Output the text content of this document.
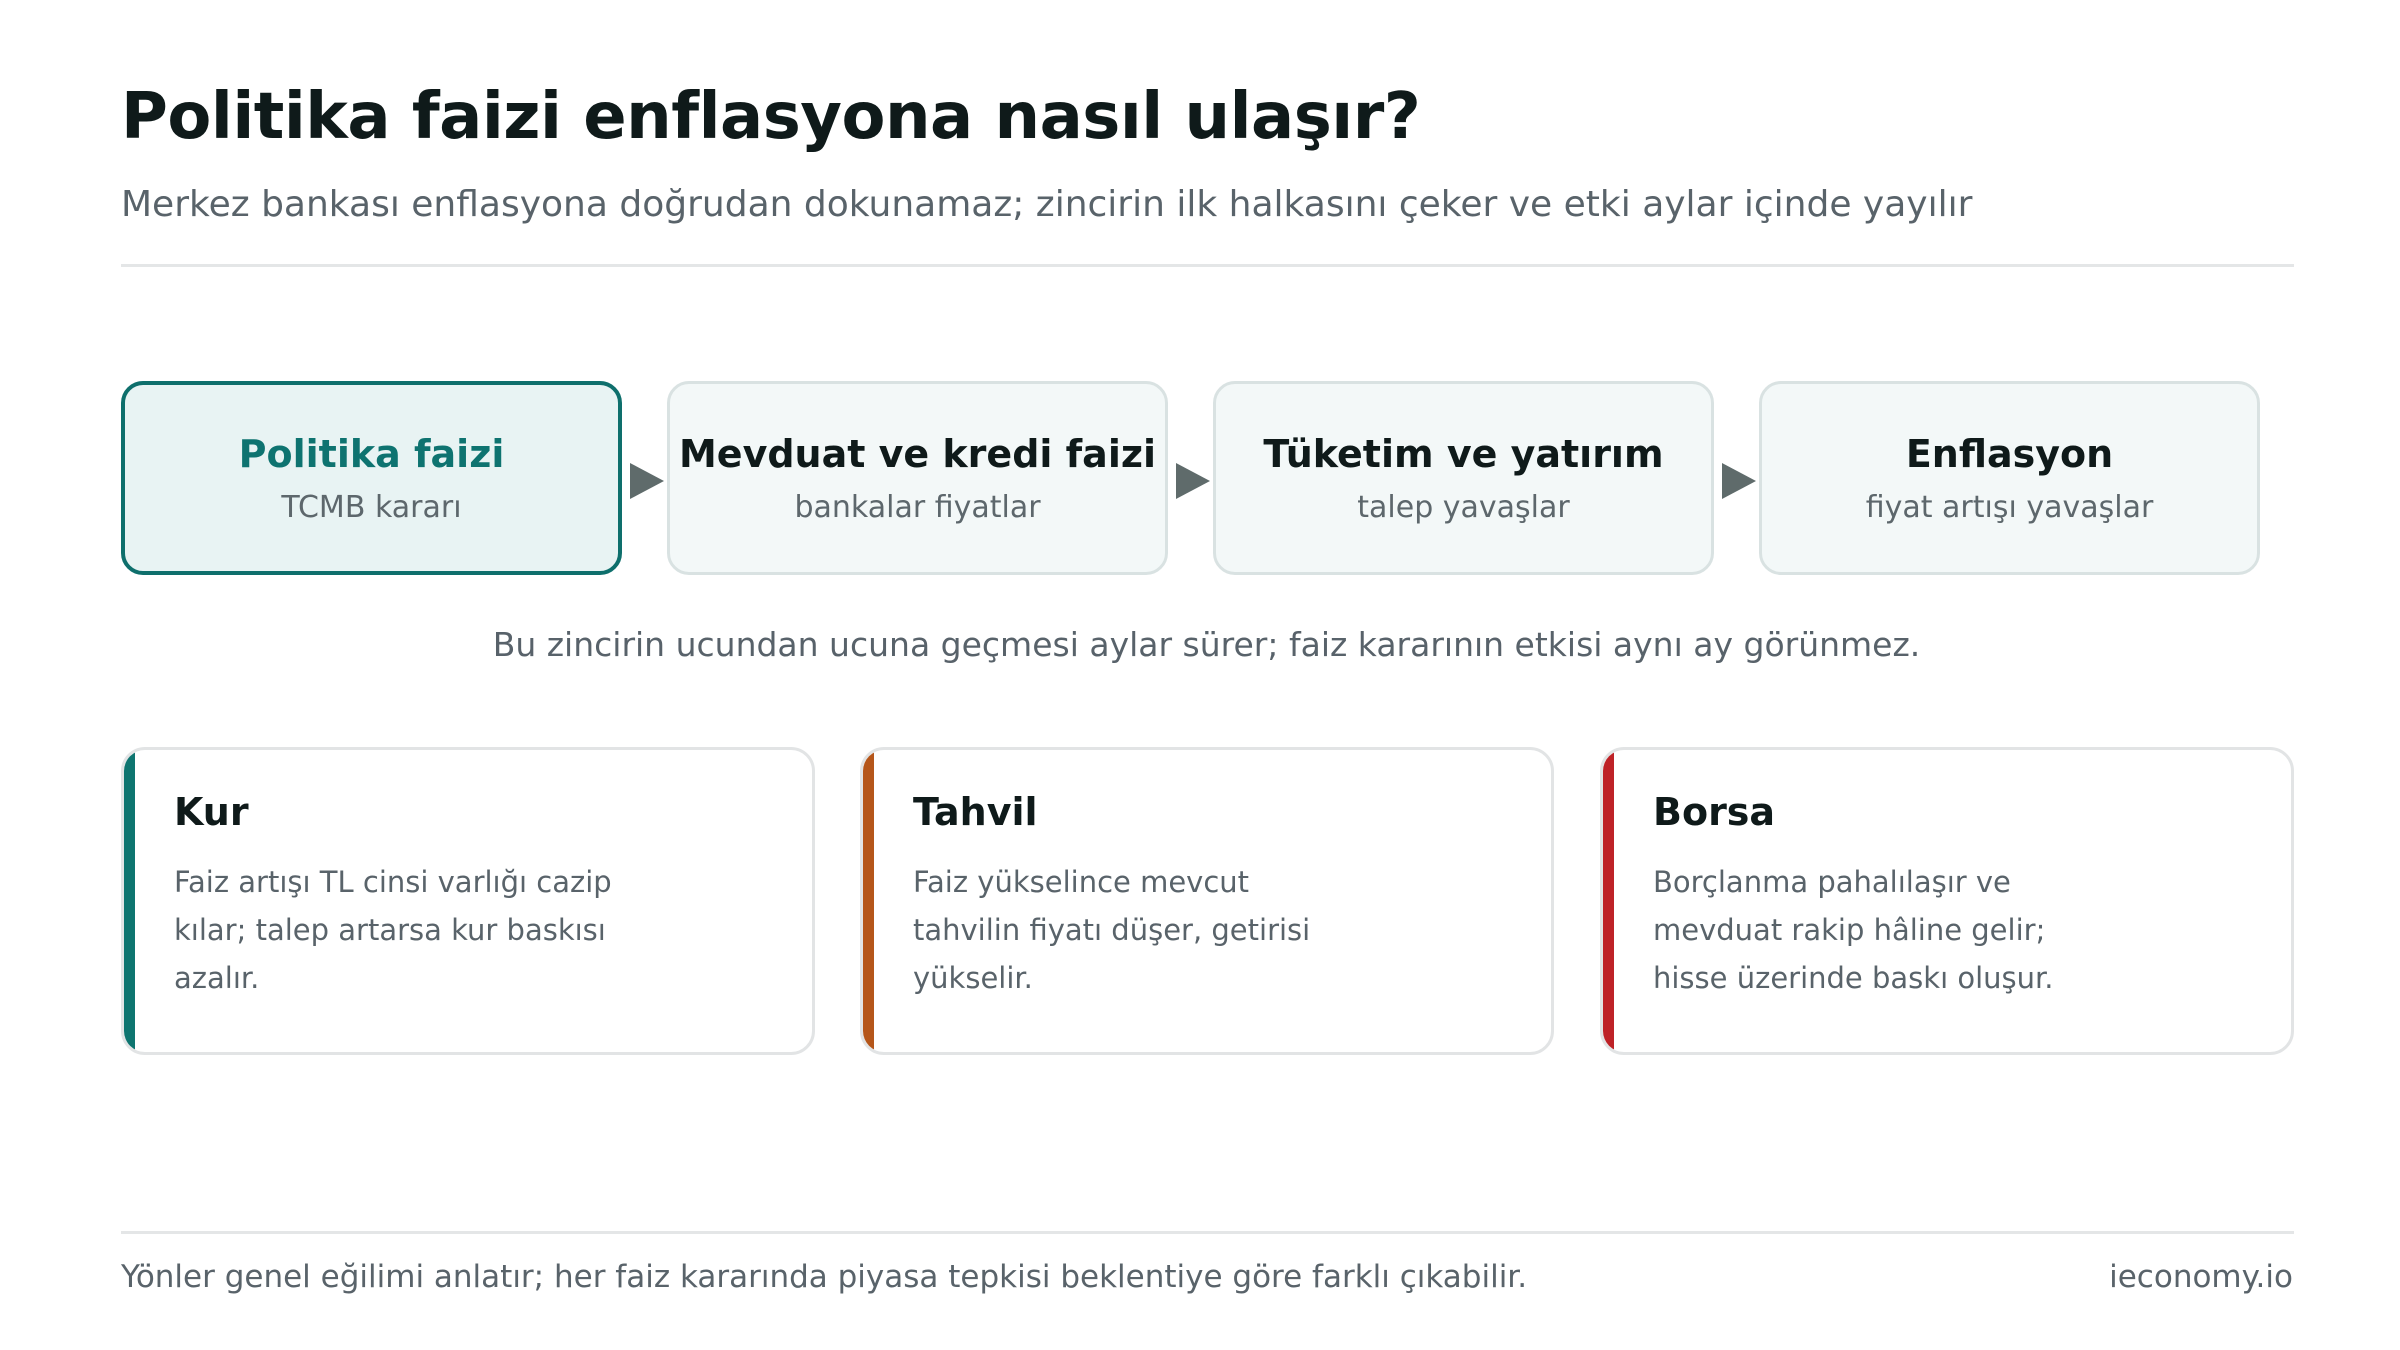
Politika faizi enflasyona nasıl ulaşır?
Merkez bankası enflasyona doğrudan dokunamaz; zincirin ilk halkasını çeker ve etki aylar içinde yayılır
Politika faizi
TCMB kararı
Mevduat ve kredi faizi
bankalar fiyatlar
Tüketim ve yatırım
talep yavaşlar
Enflasyon
fiyat artışı yavaşlar
Bu zincirin ucundan ucuna geçmesi aylar sürer; faiz kararının etkisi aynı ay görünmez.
Kur
Faiz artışı TL cinsi varlığı cazip kılar; talep artarsa kur baskısı azalır.
Tahvil
Faiz yükselince mevcut tahvilin fiyatı düşer, getirisi yükselir.
Borsa
Borçlanma pahalılaşır ve mevduat rakip hâline gelir; hisse üzerinde baskı oluşur.
Yönler genel eğilimi anlatır; her faiz kararında piyasa tepkisi beklentiye göre farklı çıkabilir.	ieconomy.io
